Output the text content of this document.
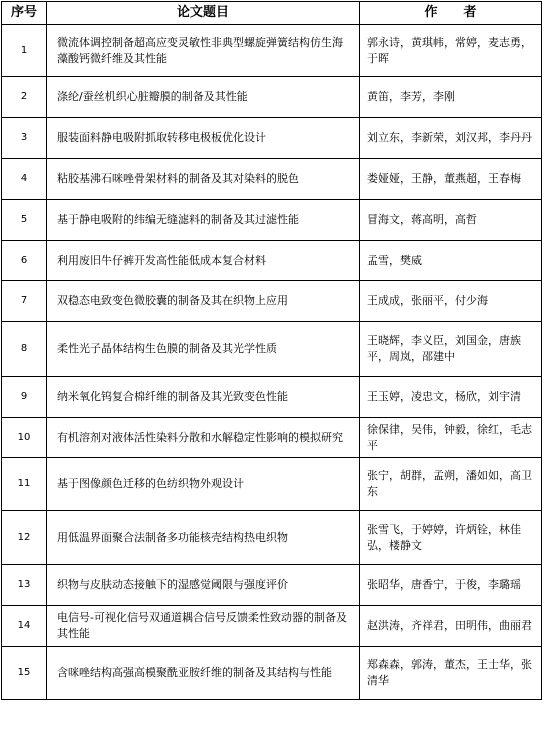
序号	论文题目	作　　者
1	微流体调控制备超高应变灵敏性非典型螺旋弹簧结构仿生海藻酸钙微纤维及其性能	郭永诗，黄琪帏，常婷，麦志勇，于晖
2	涤纶/蚕丝机织心脏瓣膜的制备及其性能	黄笛，李芳，李刚
3	服装面料静电吸附抓取转移电极板优化设计	刘立东，李新荣，刘汉邦，李丹丹
4	粘胶基沸石咪唑骨架材料的制备及其对染料的脱色	娄娅娅，王静，董燕超，王春梅
5	基于静电吸附的纬编无缝滤料的制备及其过滤性能	冒海文，蒋高明，高哲
6	利用废旧牛仔裤开发高性能低成本复合材料	孟雪，樊威
7	双稳态电致变色微胶囊的制备及其在织物上应用	王成成，张丽平，付少海
8	柔性光子晶体结构生色膜的制备及其光学性质	王晓辉，李义臣，刘国金，唐族平，周岚，邵建中
9	纳米氧化钨复合棉纤维的制备及其光致变色性能	王玉婷，凌忠文，杨欣，刘宇清
10	有机溶剂对液体活性染料分散和水解稳定性影响的模拟研究	徐保律，吴伟，钟毅，徐红，毛志平
11	基于图像颜色迁移的色纺织物外观设计	张宁，胡群，孟朔，潘如如，高卫东
12	用低温界面聚合法制备多功能核壳结构热电织物	张雪飞，于婷婷，许炳铨，林佳弘，楼静文
13	织物与皮肤动态接触下的湿感觉阈限与强度评价	张昭华，唐香宁，于俊，李璐瑶
14	电信号-可视化信号双通道耦合信号反馈柔性致动器的制备及其性能	赵洪涛，齐祥君，田明伟，曲丽君
15	含咪唑结构高强高模聚酰亚胺纤维的制备及其结构与性能	郑森森，郭涛，董杰，王士华，张清华
